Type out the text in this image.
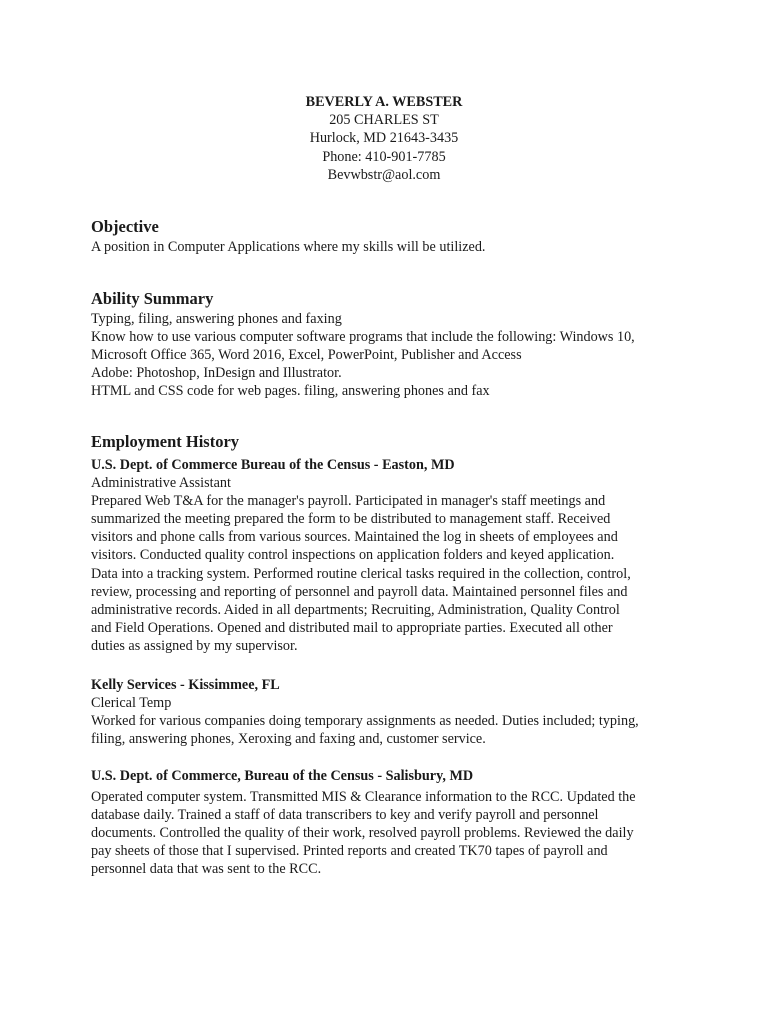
BEVERLY A. WEBSTER
205 CHARLES ST
Hurlock, MD 21643-3435
Phone: 410-901-7785
Bevwbstr@aol.com
Objective
A position in Computer Applications where my skills will be utilized.
Ability Summary
Typing, filing, answering phones and faxing
Know how to use various computer software programs that include the following: Windows 10,
Microsoft Office 365, Word 2016, Excel, PowerPoint, Publisher and Access
Adobe: Photoshop, InDesign and Illustrator.
HTML and CSS code for web pages. filing, answering phones and fax
Employment History
U.S. Dept. of Commerce Bureau of the Census - Easton, MD
Administrative Assistant
Prepared Web T&A for the manager's payroll. Participated in manager's staff meetings and
summarized the meeting prepared the form to be distributed to management staff. Received
visitors and phone calls from various sources. Maintained the log in sheets of employees and
visitors. Conducted quality control inspections on application folders and keyed application.
Data into a tracking system. Performed routine clerical tasks required in the collection, control,
review, processing and reporting of personnel and payroll data. Maintained personnel files and
administrative records. Aided in all departments; Recruiting, Administration, Quality Control
and Field Operations. Opened and distributed mail to appropriate parties. Executed all other
duties as assigned by my supervisor.
Kelly Services - Kissimmee, FL
Clerical Temp
Worked for various companies doing temporary assignments as needed. Duties included; typing,
filing, answering phones, Xeroxing and faxing and, customer service.
U.S. Dept. of Commerce, Bureau of the Census - Salisbury, MD
Operated computer system. Transmitted MIS & Clearance information to the RCC. Updated the
database daily. Trained a staff of data transcribers to key and verify payroll and personnel
documents. Controlled the quality of their work, resolved payroll problems. Reviewed the daily
pay sheets of those that I supervised. Printed reports and created TK70 tapes of payroll and
personnel data that was sent to the RCC.
